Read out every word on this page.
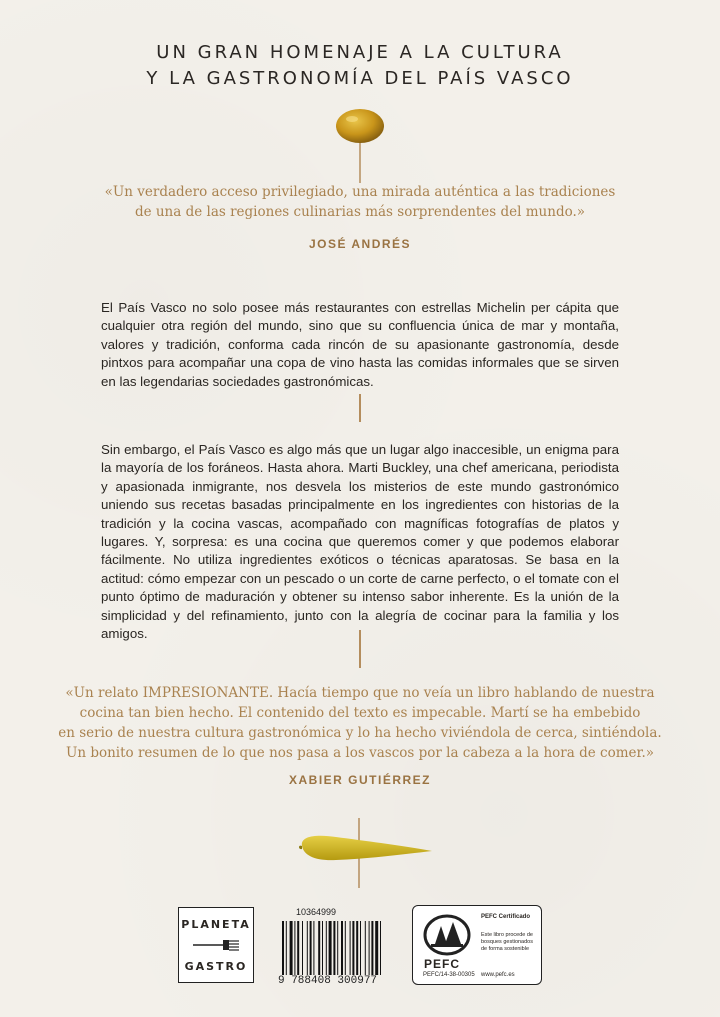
UN GRAN HOMENAJE A LA CULTURA
Y LA GASTRONOMÍA DEL PAÍS VASCO
«Un verdadero acceso privilegiado, una mirada auténtica a las tradiciones
de una de las regiones culinarias más sorprendentes del mundo.»
JOSÉ ANDRÉS
El País Vasco no solo posee más restaurantes con estrellas Michelin per cápita que cualquier otra región del mundo, sino que su confluencia única de mar y montaña, valores y tradición, conforma cada rincón de su apasionante gastronomía, desde pintxos para acompañar una copa de vino hasta las comidas informales que se sirven en las legendarias sociedades gastronómicas.
Sin embargo, el País Vasco es algo más que un lugar algo inaccesible, un enigma para la mayoría de los foráneos. Hasta ahora. Marti Buckley, una chef americana, periodista y apasionada inmigrante, nos desvela los misterios de este mundo gastronómico uniendo sus recetas basadas principalmente en los ingredientes con historias de la tradición y la cocina vascas, acompañado con magníficas fotografías de platos y lugares. Y, sorpresa: es una cocina que queremos comer y que podemos elaborar fácilmente. No utiliza ingredientes exóticos o técnicas aparatosas. Se basa en la actitud: cómo empezar con un pescado o un corte de carne perfecto, o el tomate con el punto óptimo de maduración y obtener su intenso sabor inherente. Es la unión de la simplicidad y del refinamiento, junto con la alegría de cocinar para la familia y los amigos.
«Un relato IMPRESIONANTE. Hacía tiempo que no veía un libro hablando de nuestra
cocina tan bien hecho. El contenido del texto es impecable. Martí se ha embebido
en serio de nuestra cultura gastronómica y lo ha hecho viviéndola de cerca, sintiéndola.
Un bonito resumen de lo que nos pasa a los vascos por la cabeza a la hora de comer.»
XABIER GUTIÉRREZ
PLANETA
GASTRO
10364999
9 788408 300977
PEFC
PEFC/14-38-00305
PEFC Certificado
Este libro procede de bosques gestionados de forma sostenible
www.pefc.es
